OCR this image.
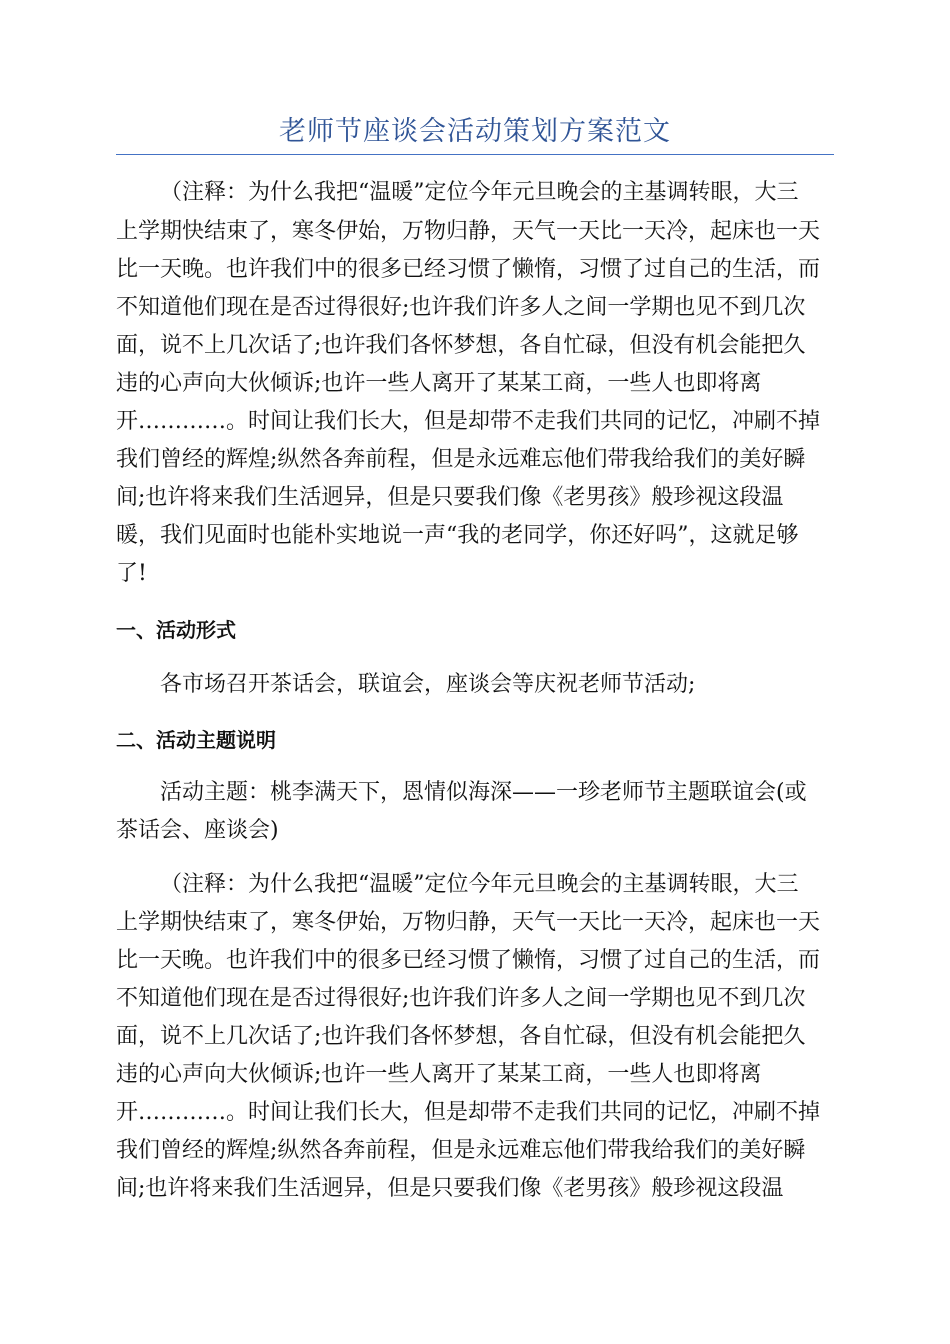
老师节座谈会活动策划方案范文
（注释：为什么我把“温暖”定位今年元旦晚会的主基调转眼，大三
上学期快结束了，寒冬伊始，万物归静，天气一天比一天冷，起床也一天
比一天晚。也许我们中的很多已经习惯了懒惰，习惯了过自己的生活，而
不知道他们现在是否过得很好;也许我们许多人之间一学期也见不到几次
面，说不上几次话了;也许我们各怀梦想，各自忙碌，但没有机会能把久
违的心声向大伙倾诉;也许一些人离开了某某工商，一些人也即将离
开…………。时间让我们长大，但是却带不走我们共同的记忆，冲刷不掉
我们曾经的辉煌;纵然各奔前程，但是永远难忘他们带我给我们的美好瞬
间;也许将来我们生活迥异，但是只要我们像《老男孩》般珍视这段温
暖，我们见面时也能朴实地说一声“我的老同学，你还好吗”，这就足够
了!
一、活动形式
各市场召开茶话会，联谊会，座谈会等庆祝老师节活动;
二、活动主题说明
活动主题：桃李满天下，恩情似海深——一珍老师节主题联谊会(或
茶话会、座谈会)
（注释：为什么我把“温暖”定位今年元旦晚会的主基调转眼，大三
上学期快结束了，寒冬伊始，万物归静，天气一天比一天冷，起床也一天
比一天晚。也许我们中的很多已经习惯了懒惰，习惯了过自己的生活，而
不知道他们现在是否过得很好;也许我们许多人之间一学期也见不到几次
面，说不上几次话了;也许我们各怀梦想，各自忙碌，但没有机会能把久
违的心声向大伙倾诉;也许一些人离开了某某工商，一些人也即将离
开…………。时间让我们长大，但是却带不走我们共同的记忆，冲刷不掉
我们曾经的辉煌;纵然各奔前程，但是永远难忘他们带我给我们的美好瞬
间;也许将来我们生活迥异，但是只要我们像《老男孩》般珍视这段温
